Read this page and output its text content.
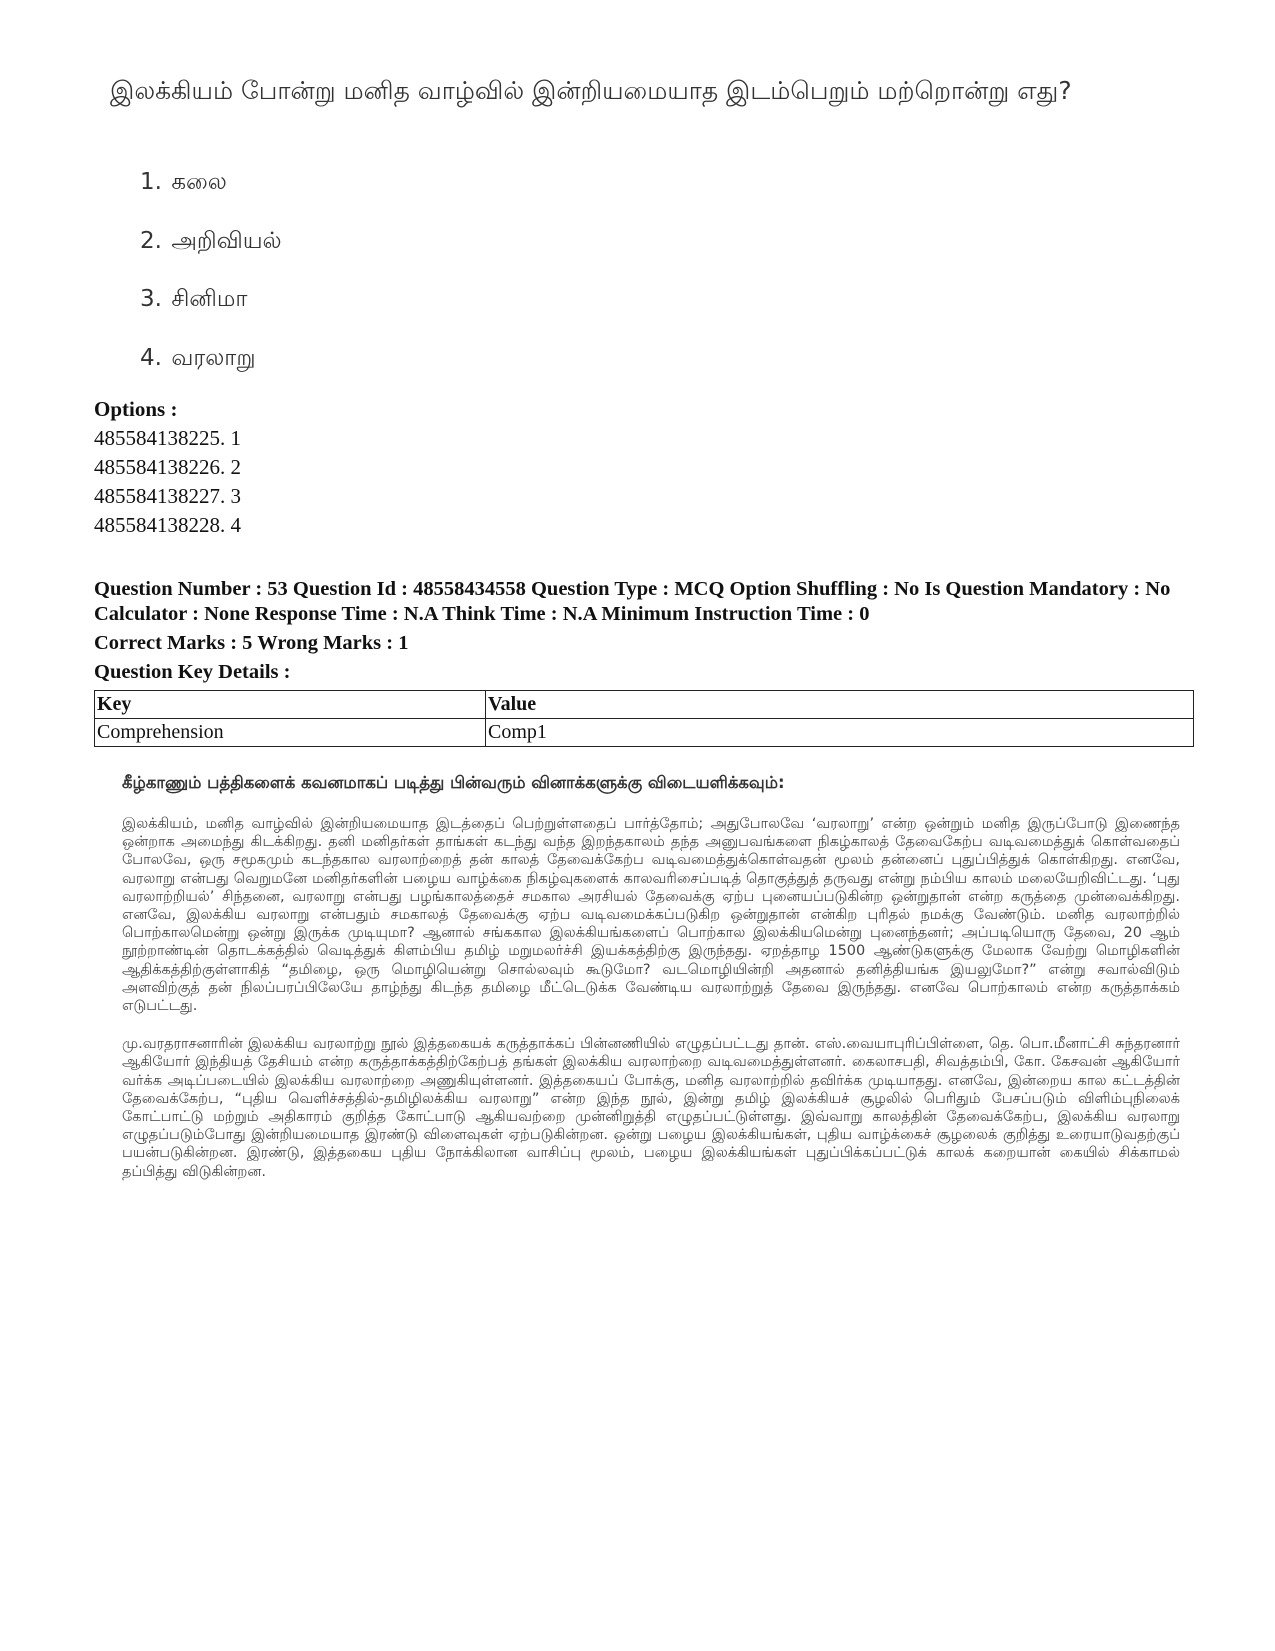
இலக்கியம் போன்று மனித வாழ்வில் இன்றியமையாத இடம்பெறும் மற்றொன்று எது?
1. கலை
2. அறிவியல்
3. சினிமா
4. வரலாறு
Options :
485584138225. 1
485584138226. 2
485584138227. 3
485584138228. 4
Question Number : 53 Question Id : 48558434558 Question Type : MCQ Option Shuffling : No Is Question Mandatory : No Calculator : None Response Time : N.A Think Time : N.A Minimum Instruction Time : 0
Correct Marks : 5 Wrong Marks : 1
Question Key Details :
Key	Value
Comprehension	Comp1
கீழ்காணும் பத்திகளைக் கவனமாகப் படித்து பின்வரும் வினாக்களுக்கு விடையளிக்கவும்:

இலக்கியம், மனித வாழ்வில் இன்றியமையாத இடத்தைப் பெற்றுள்ளதைப் பார்த்தோம்; அதுபோலவே ‘வரலாறு’ என்ற ஒன்றும் மனித இருப்போடு இணைந்த ஒன்றாக அமைந்து கிடக்கிறது. தனி மனிதர்கள் தாங்கள் கடந்து வந்த இறந்தகாலம் தந்த அனுபவங்களை நிகழ்காலத் தேவைகேற்ப வடிவமைத்துக் கொள்வதைப் போலவே, ஒரு சமூகமும் கடந்தகால வரலாற்றைத் தன் காலத் தேவைக்கேற்ப வடிவமைத்துக்கொள்வதன் மூலம் தன்னைப் புதுப்பித்துக் கொள்கிறது. எனவே, வரலாறு என்பது வெறுமனே மனிதர்களின் பழைய வாழ்க்கை நிகழ்வுகளைக் காலவரிசைப்படித் தொகுத்துத் தருவது என்று நம்பிய காலம் மலையேறிவிட்டது. ‘புது வரலாற்றியல்’ சிந்தனை, வரலாறு என்பது பழங்காலத்தைச் சமகால அரசியல் தேவைக்கு ஏற்ப புனையப்படுகின்ற ஒன்றுதான் என்ற கருத்தை முன்வைக்கிறது. எனவே, இலக்கிய வரலாறு என்பதும் சமகாலத் தேவைக்கு ஏற்ப வடிவமைக்கப்படுகிற ஒன்றுதான் என்கிற புரிதல் நமக்கு வேண்டும். மனித வரலாற்றில் பொற்காலமென்று ஒன்று இருக்க முடியுமா? ஆனால் சங்ககால இலக்கியங்களைப் பொற்கால இலக்கியமென்று புனைந்தனர்; அப்படியொரு தேவை, 20 ஆம் நூற்றாண்டின் தொடக்கத்தில் வெடித்துக் கிளம்பிய தமிழ் மறுமலர்ச்சி இயக்கத்திற்கு இருந்தது. ஏறத்தாழ 1500 ஆண்டுகளுக்கு மேலாக வேற்று மொழிகளின் ஆதிக்கத்திற்குள்ளாகித் “தமிழை, ஒரு மொழியென்று சொல்லவும் கூடுமோ? வடமொழியின்றி அதனால் தனித்தியங்க இயலுமோ?” என்று சவால்விடும் அளவிற்குத் தன் நிலப்பரப்பிலேயே தாழ்ந்து கிடந்த தமிழை மீட்டெடுக்க வேண்டிய வரலாற்றுத் தேவை இருந்தது. எனவே பொற்காலம் என்ற கருத்தாக்கம் எடுபட்டது.

மு.வரதராசனாரின் இலக்கிய வரலாற்று நூல் இத்தகையக் கருத்தாக்கப் பின்னணியில் எழுதப்பட்டது தான். எஸ்.வையாபுரிப்பிள்ளை, தெ. பொ.மீனாட்சி சுந்தரனார் ஆகியோர் இந்தியத் தேசியம் என்ற கருத்தாக்கத்திற்கேற்பத் தங்கள் இலக்கிய வரலாற்றை வடிவமைத்துள்ளனர். கைலாசபதி, சிவத்தம்பி, கோ. கேசவன் ஆகியோர் வர்க்க அடிப்படையில் இலக்கிய வரலாற்றை அணுகியுள்ளனர். இத்தகையப் போக்கு, மனித வரலாற்றில் தவிர்க்க முடியாதது. எனவே, இன்றைய கால கட்டத்தின் தேவைக்கேற்ப, “புதிய வெளிச்சத்தில்-தமிழிலக்கிய வரலாறு” என்ற இந்த நூல், இன்று தமிழ் இலக்கியச் சூழலில் பெரிதும் பேசப்படும் விளிம்புநிலைக் கோட்பாட்டு மற்றும் அதிகாரம் குறித்த கோட்பாடு ஆகியவற்றை முன்னிறுத்தி எழுதப்பட்டுள்ளது. இவ்வாறு காலத்தின் தேவைக்கேற்ப, இலக்கிய வரலாறு எழுதப்படும்போது இன்றியமையாத இரண்டு விளைவுகள் ஏற்படுகின்றன. ஒன்று பழைய இலக்கியங்கள், புதிய வாழ்க்கைச் சூழலைக் குறித்து உரையாடுவதற்குப் பயன்படுகின்றன. இரண்டு, இத்தகைய புதிய நோக்கிலான வாசிப்பு மூலம், பழைய இலக்கியங்கள் புதுப்பிக்கப்பட்டுக் காலக் கறையான் கையில் சிக்காமல் தப்பித்து விடுகின்றன.
